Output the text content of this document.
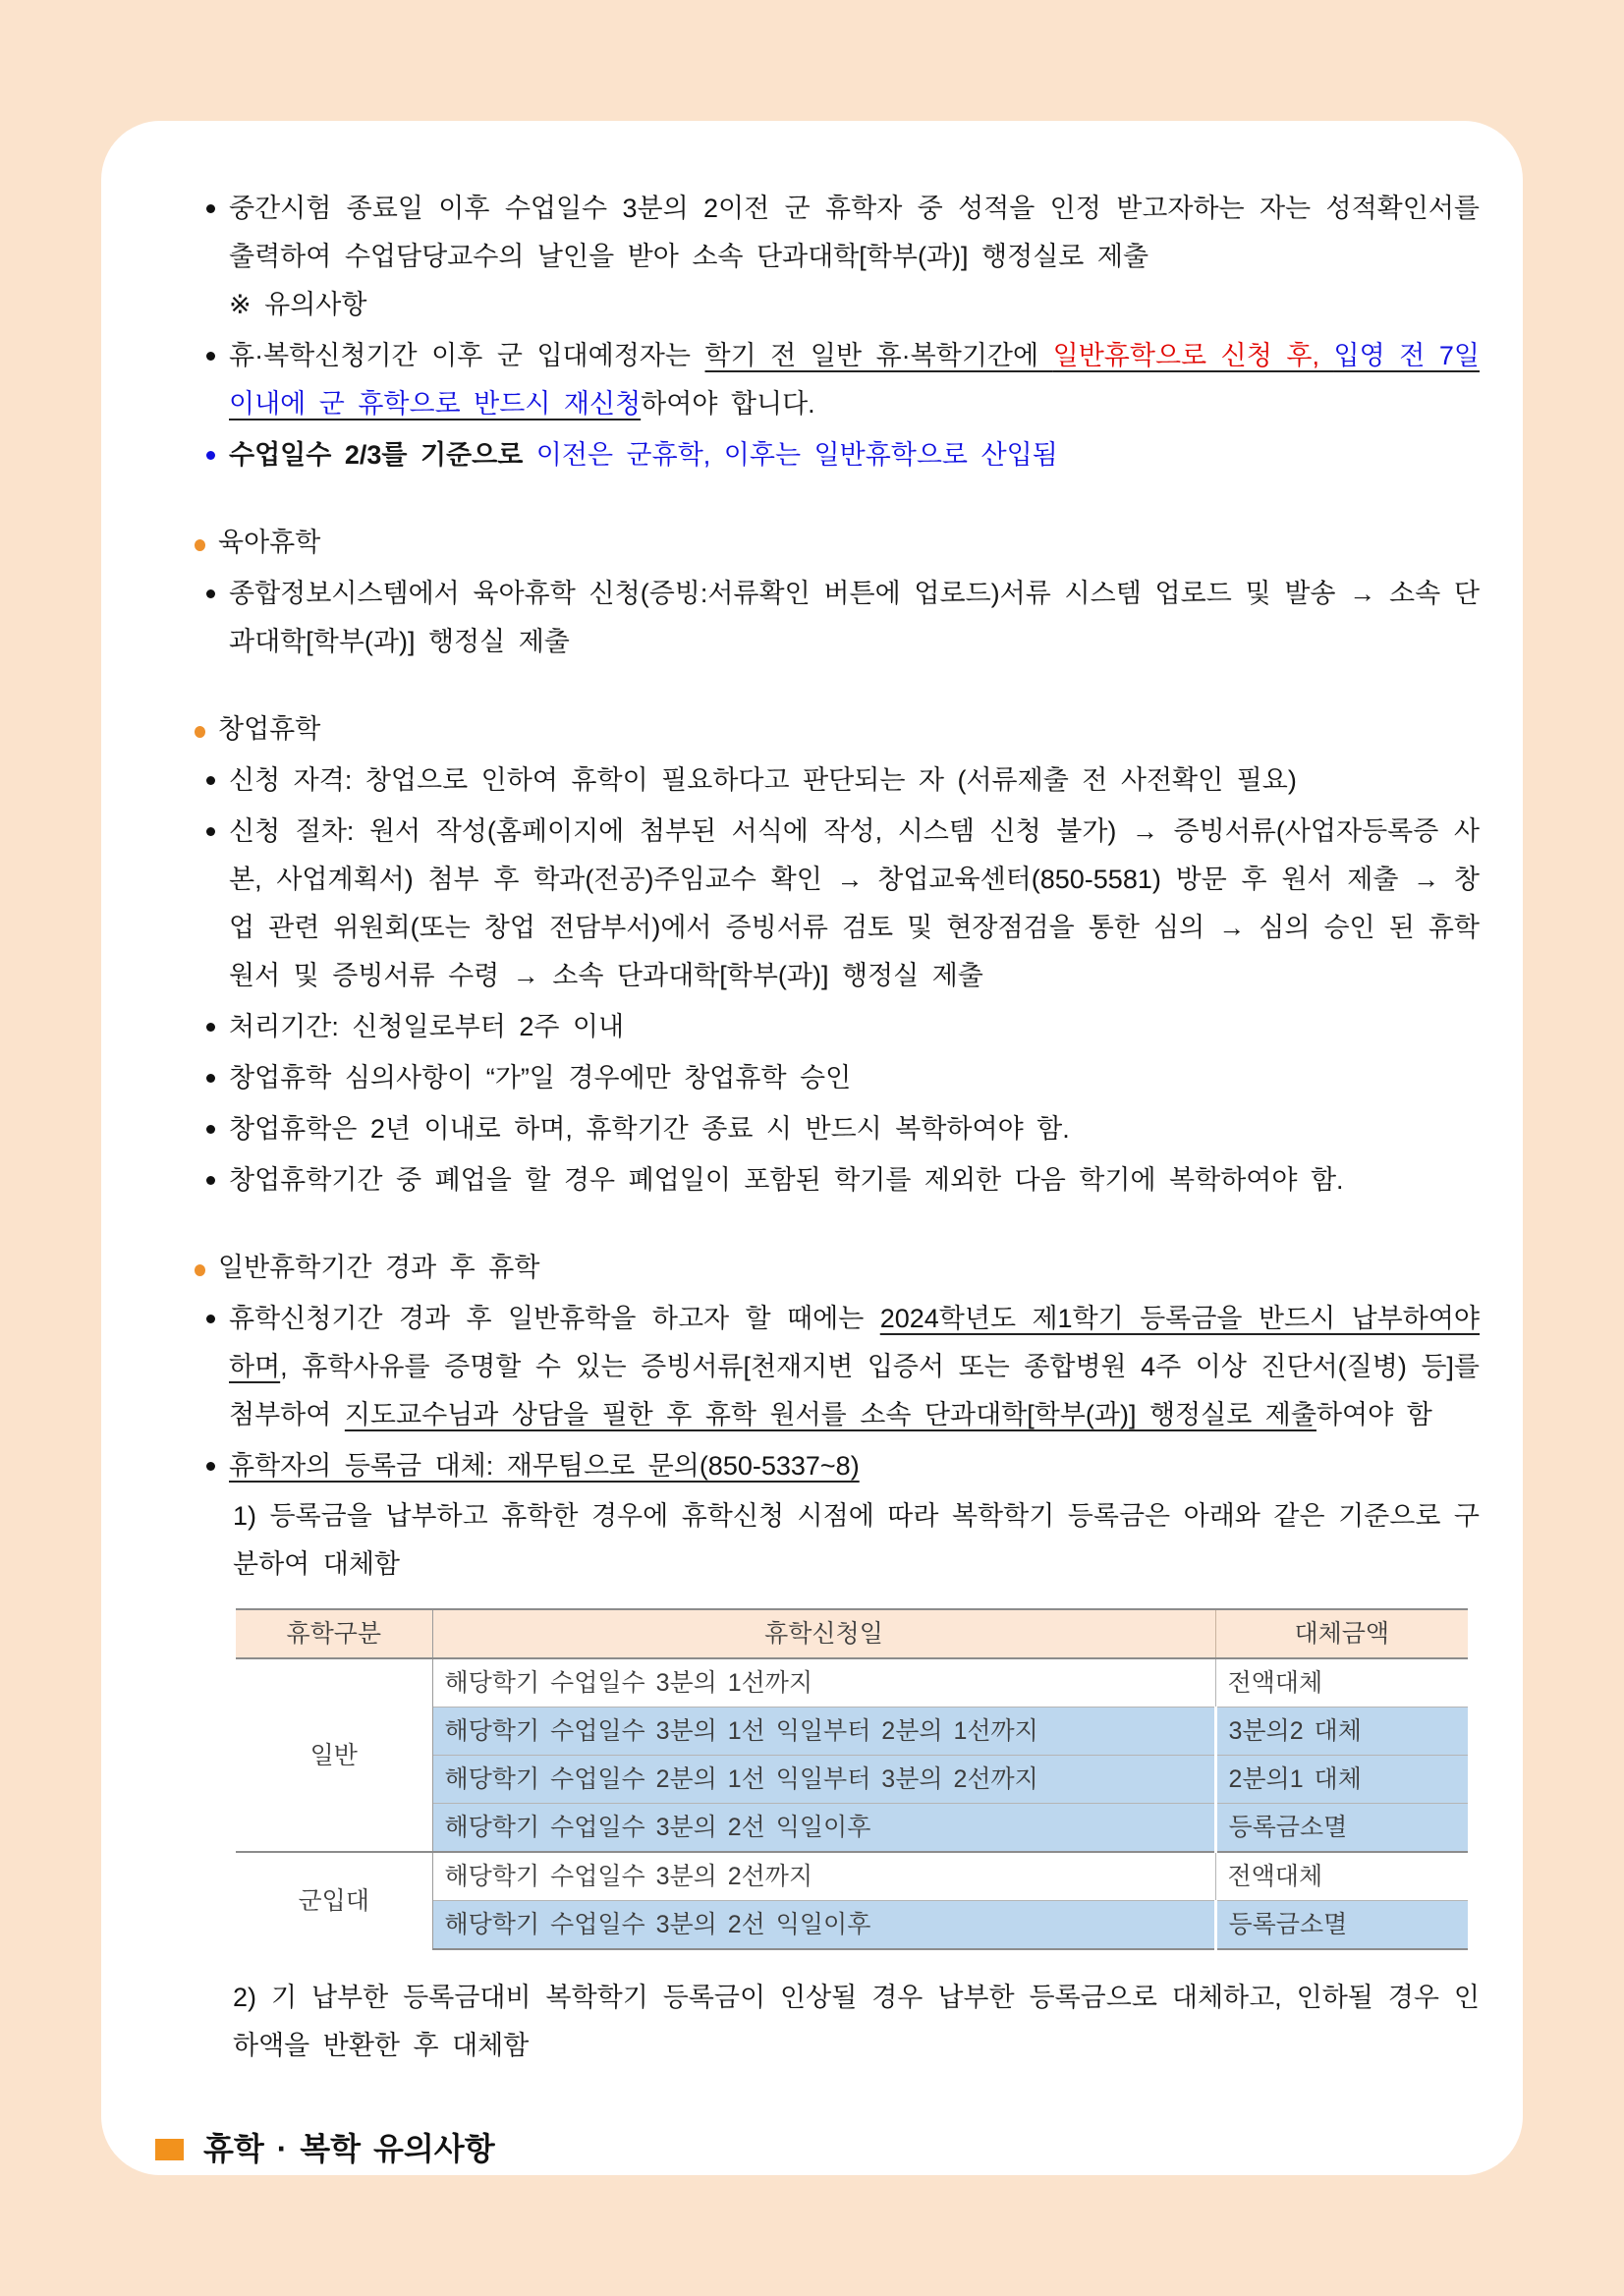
중간시험 종료일 이후 수업일수 3분의 2이전 군 휴학자 중 성적을 인정 받고자하는 자는 성적확인서를 출력하여 수업담당교수의 날인을 받아 소속 단과대학[학부(과)] 행정실로 제출

※ 유의사항

휴·복학신청기간 이후 군 입대예정자는 학기 전 일반 휴·복학기간에 일반휴학으로 신청 후, 입영 전 7일 이내에 군 휴학으로 반드시 재신청하여야 합니다.

수업일수 2/3를 기준으로 이전은 군휴학, 이후는 일반휴학으로 산입됨

육아휴학

종합정보시스템에서 육아휴학 신청(증빙:서류확인 버튼에 업로드)서류 시스템 업로드 및 발송 → 소속 단과대학[학부(과)] 행정실 제출

창업휴학

신청 자격: 창업으로 인하여 휴학이 필요하다고 판단되는 자 (서류제출 전 사전확인 필요)

신청 절차: 원서 작성(홈페이지에 첨부된 서식에 작성, 시스템 신청 불가) → 증빙서류(사업자등록증 사본, 사업계획서) 첨부 후 학과(전공)주임교수 확인 → 창업교육센터(850-5581) 방문 후 원서 제출 → 창업 관련 위원회(또는 창업 전담부서)에서 증빙서류 검토 및 현장점검을 통한 심의 → 심의 승인 된 휴학원서 및 증빙서류 수령 → 소속 단과대학[학부(과)] 행정실 제출

처리기간: 신청일로부터 2주 이내

창업휴학 심의사항이 “가”일 경우에만 창업휴학 승인

창업휴학은 2년 이내로 하며, 휴학기간 종료 시 반드시 복학하여야 함.

창업휴학기간 중 폐업을 할 경우 폐업일이 포함된 학기를 제외한 다음 학기에 복학하여야 함.

일반휴학기간 경과 후 휴학

휴학신청기간 경과 후 일반휴학을 하고자 할 때에는 2024학년도 제1학기 등록금을 반드시 납부하여야 하며, 휴학사유를 증명할 수 있는 증빙서류[천재지변 입증서 또는 종합병원 4주 이상 진단서(질병) 등]를 첨부하여 지도교수님과 상담을 필한 후 휴학 원서를 소속 단과대학[학부(과)] 행정실로 제출하여야 함

휴학자의 등록금 대체: 재무팀으로 문의(850-5337~8)

1) 등록금을 납부하고 휴학한 경우에 휴학신청 시점에 따라 복학학기 등록금은 아래와 같은 기준으로 구분하여 대체함

휴학구분	휴학신청일	대체금액
일반	해당학기 수업일수 3분의 1선까지	전액대체
	해당학기 수업일수 3분의 1선 익일부터 2분의 1선까지	3분의2 대체
	해당학기 수업일수 2분의 1선 익일부터 3분의 2선까지	2분의1 대체
	해당학기 수업일수 3분의 2선 익일이후	등록금소멸
군입대	해당학기 수업일수 3분의 2선까지	전액대체
	해당학기 수업일수 3분의 2선 익일이후	등록금소멸

2) 기 납부한 등록금대비 복학학기 등록금이 인상될 경우 납부한 등록금으로 대체하고, 인하될 경우 인하액을 반환한 후 대체함

휴학 · 복학 유의사항
